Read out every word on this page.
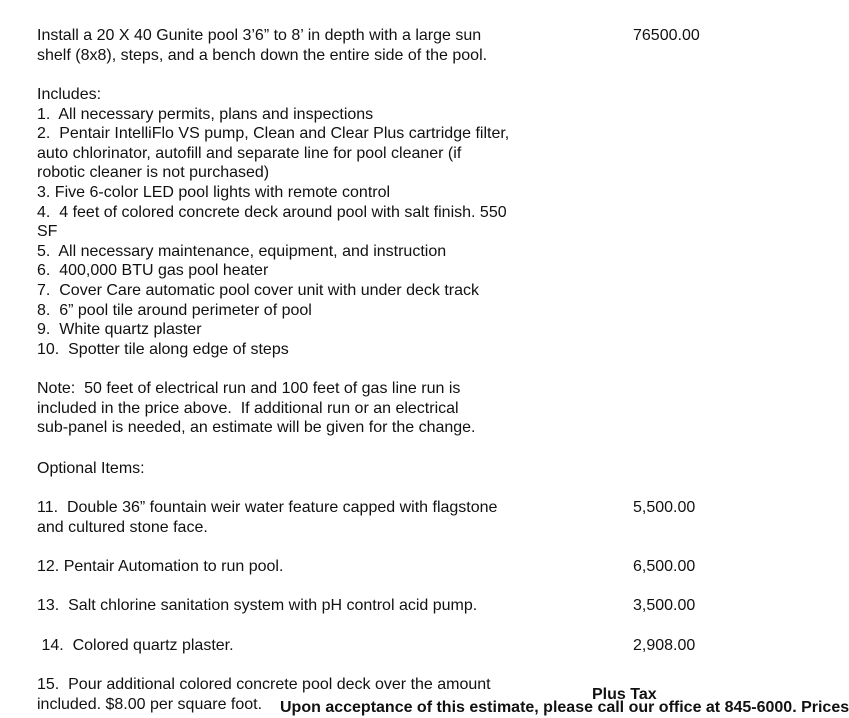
Install a 20 X 40 Gunite pool 3’6” to 8’ in depth with a large sun
shelf (8x8), steps, and a bench down the entire side of the pool.
76500.00
Includes:
1.  All necessary permits, plans and inspections
2.  Pentair IntelliFlo VS pump, Clean and Clear Plus cartridge filter,
auto chlorinator, autofill and separate line for pool cleaner (if
robotic cleaner is not purchased)
3. Five 6-color LED pool lights with remote control
4.  4 feet of colored concrete deck around pool with salt finish. 550
SF
5.  All necessary maintenance, equipment, and instruction
6.  400,000 BTU gas pool heater
7.  Cover Care automatic pool cover unit with under deck track
8.  6” pool tile around perimeter of pool
9.  White quartz plaster
10.  Spotter tile along edge of steps
Note:  50 feet of electrical run and 100 feet of gas line run is
included in the price above.  If additional run or an electrical
sub-panel is needed, an estimate will be given for the change.
Optional Items:
11.  Double 36” fountain weir water feature capped with flagstone
and cultured stone face.
5,500.00
12. Pentair Automation to run pool.	6,500.00
13.  Salt chlorine sanitation system with pH control acid pump.	3,500.00
14.  Colored quartz plaster.	2,908.00
15.  Pour additional colored concrete pool deck over the amount
included. $8.00 per square foot.
Plus Tax
Upon acceptance of this estimate, please call our office at 845-6000. Prices
